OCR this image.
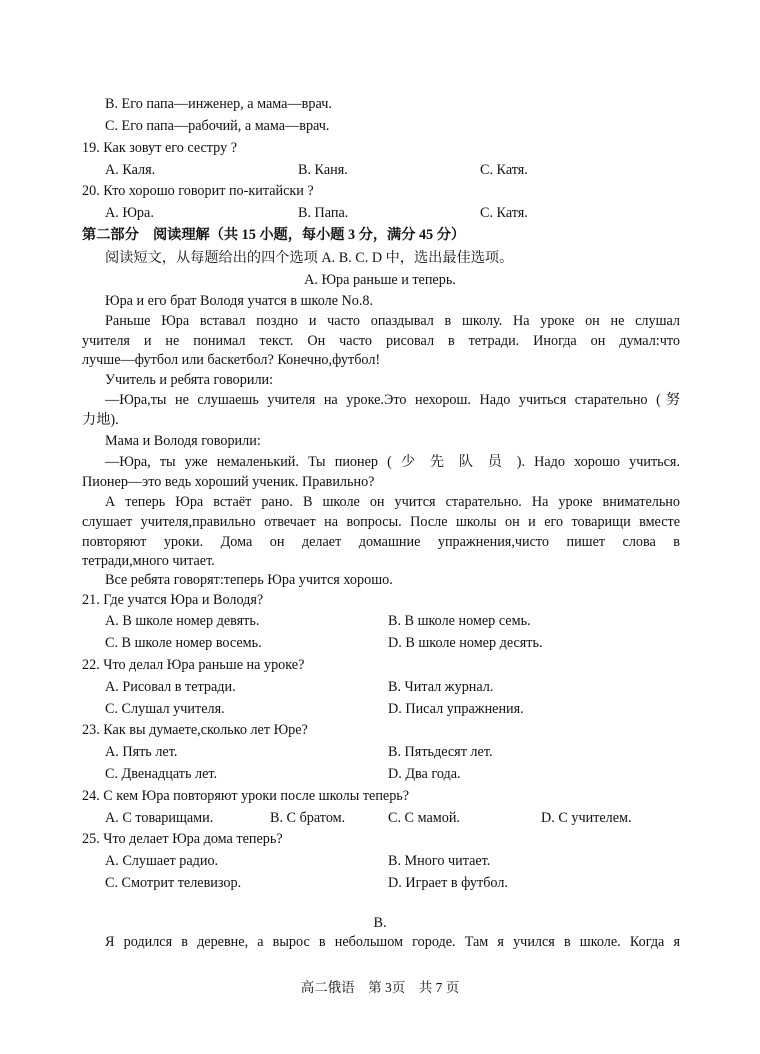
B. Его папа—инженер, а мама—врач.
C. Его папа—рабочий, а мама—врач.
19. Как зовут его сестру ?
A. Каля.	B. Каня.	C. Катя.
20. Кто хорошо говорит по-китайски ?
A. Юра.	B. Папа.	C. Катя.
第二部分　阅读理解（共 15 小题，每小题 3 分，满分 45 分）
阅读短文，从每题给出的四个选项 A. B. C. D 中，选出最佳选项。
A. Юра раньше и теперь.
Юра и его брат Володя учатся в школе No.8.
Раньше Юра вставал поздно и часто опаздывал в школу. На уроке он не слушал
учителя и не понимал текст. Он часто рисовал в тетради. Иногда он думал:что
лучше—футбол или баскетбол? Конечно,футбол!
Учитель и ребята говорили:
—Юра,ты не слушаешь учителя на уроке.Это нехорош. Надо учиться старательно (努
力地).
Мама и Володя говорили:
—Юра, ты уже немаленький. Ты пионер ( 少 先 队 员 ). Надо хорошо учиться.
Пионер—это ведь хороший ученик. Правильно?
А теперь Юра встаёт рано. В школе он учится старательно. На уроке внимательно
слушает учителя,правильно отвечает на вопросы. После школы он и его товарищи вместе
повторяют уроки. Дома он делает домашние упражнения,чисто пишет слова в
тетради,много читает.
Все ребята говорят:теперь Юра учится хорошо.
21. Где учатся Юра и Володя?
A. В школе номер девять.	B. В школе номер семь.
C. В школе номер восемь.	D. В школе номер десять.
22. Что делал Юра раньше на уроке?
A. Рисовал в тетради.	B. Читал журнал.
C. Слушал учителя.	D. Писал упражнения.
23. Как вы думаете,сколько лет Юре?
A. Пять лет.	B. Пятьдесят лет.
C. Двенадцать лет.	D. Два года.
24. С кем Юра повторяют уроки после школы теперь?
A. С товарищами.	B. С братом.	C. С мамой.	D. С учителем.
25. Что делает Юра дома теперь?
A. Слушает радио.	B. Много читает.
C. Смотрит телевизор.	D. Играет в футбол.
B.
Я родился в деревне, а вырос в небольшом городе. Там я учился в школе. Когда я
高二俄语　第 3页　共 7 页
